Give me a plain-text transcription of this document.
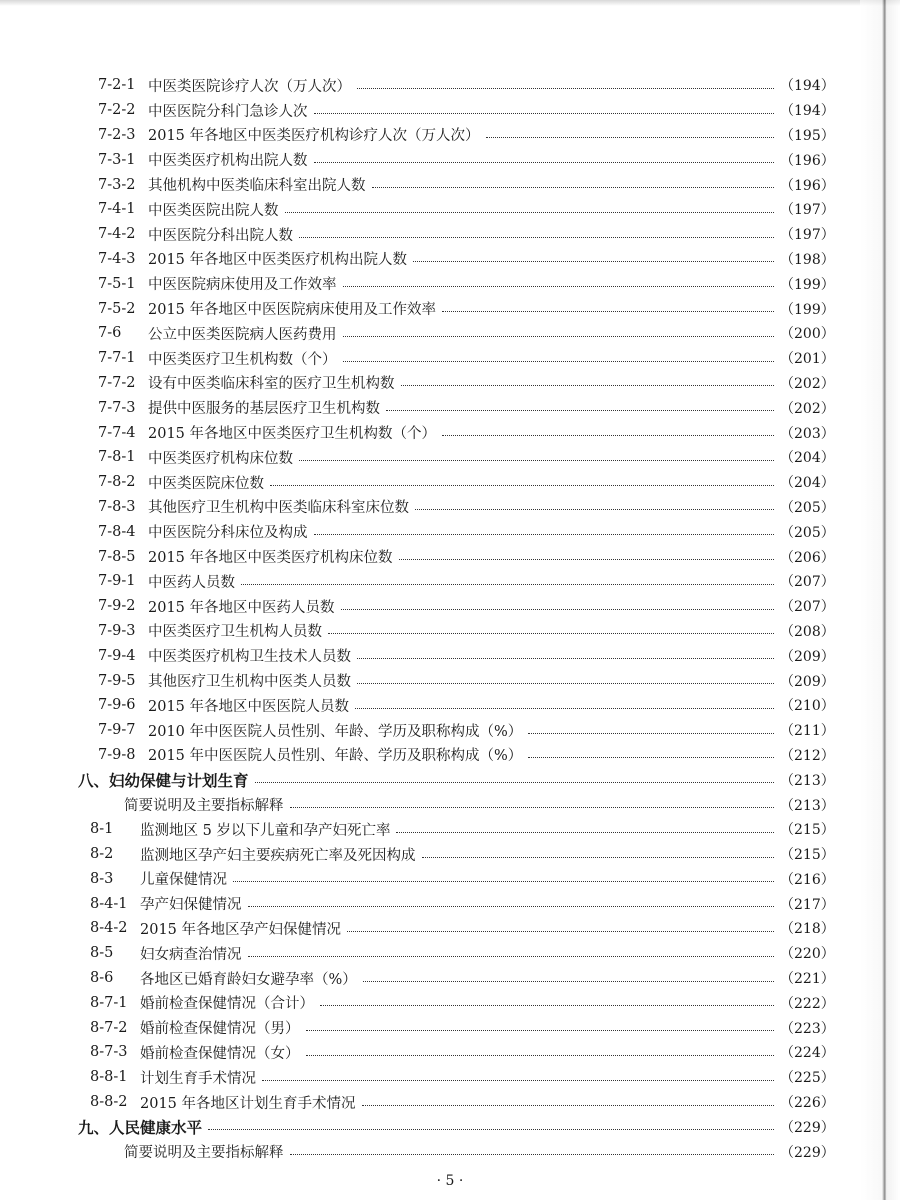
7-2-1 中医类医院诊疗人次（万人次）	（194）
7-2-2 中医医院分科门急诊人次	（194）
7-2-3 2015 年各地区中医类医疗机构诊疗人次（万人次）	（195）
7-3-1 中医类医疗机构出院人数	（196）
7-3-2 其他机构中医类临床科室出院人数	（196）
7-4-1 中医类医院出院人数	（197）
7-4-2 中医医院分科出院人数	（197）
7-4-3 2015 年各地区中医类医疗机构出院人数	（198）
7-5-1 中医医院病床使用及工作效率	（199）
7-5-2 2015 年各地区中医医院病床使用及工作效率	（199）
7-6	公立中医类医院病人医药费用	（200）
7-7-1 中医类医疗卫生机构数（个）	（201）
7-7-2 设有中医类临床科室的医疗卫生机构数	（202）
7-7-3 提供中医服务的基层医疗卫生机构数	（202）
7-7-4 2015 年各地区中医类医疗卫生机构数（个）	（203）
7-8-1 中医类医疗机构床位数	（204）
7-8-2 中医类医院床位数	（204）
7-8-3 其他医疗卫生机构中医类临床科室床位数	（205）
7-8-4 中医医院分科床位及构成	（205）
7-8-5 2015 年各地区中医类医疗机构床位数	（206）
7-9-1 中医药人员数	（207）
7-9-2 2015 年各地区中医药人员数	（207）
7-9-3 中医类医疗卫生机构人员数	（208）
7-9-4 中医类医疗机构卫生技术人员数	（209）
7-9-5 其他医疗卫生机构中医类人员数	（209）
7-9-6 2015 年各地区中医医院人员数	（210）
7-9-7 2010 年中医医院人员性别、年龄、学历及职称构成（%）	（211）
7-9-8 2015 年中医医院人员性别、年龄、学历及职称构成（%）	（212）
八、妇幼保健与计划生育	（213）
简要说明及主要指标解释	（213）
8-1	监测地区 5 岁以下儿童和孕产妇死亡率	（215）
8-2	监测地区孕产妇主要疾病死亡率及死因构成	（215）
8-3	儿童保健情况	（216）
8-4-1 孕产妇保健情况	（217）
8-4-2 2015 年各地区孕产妇保健情况	（218）
8-5	妇女病查治情况	（220）
8-6	各地区已婚育龄妇女避孕率（%）	（221）
8-7-1 婚前检查保健情况（合计）	（222）
8-7-2 婚前检查保健情况（男）	（223）
8-7-3 婚前检查保健情况（女）	（224）
8-8-1 计划生育手术情况	（225）
8-8-2 2015 年各地区计划生育手术情况	（226）
九、人民健康水平	（229）
简要说明及主要指标解释	（229）
· 5 ·
